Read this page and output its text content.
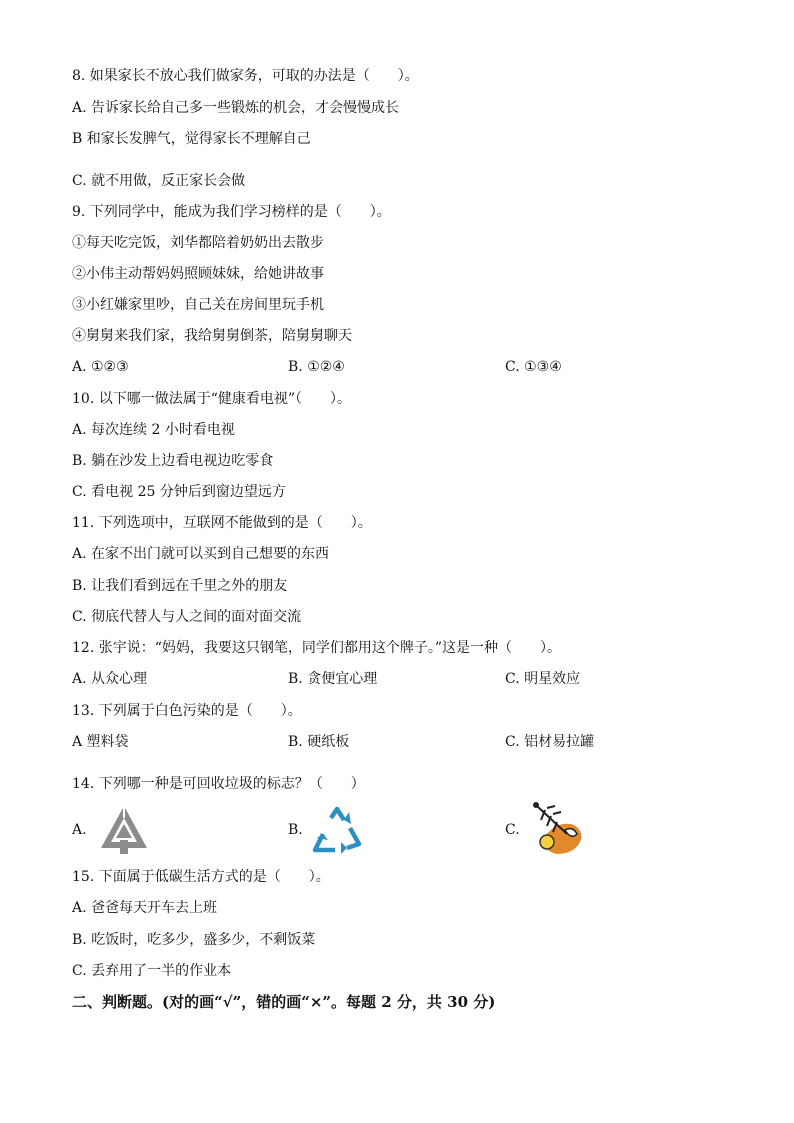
8. 如果家长不放心我们做家务，可取的办法是（　　）。
A. 告诉家长给自己多一些锻炼的机会，才会慢慢成长
B 和家长发脾气，觉得家长不理解自己
C. 就不用做，反正家长会做
9. 下列同学中，能成为我们学习榜样的是（　　）。
①每天吃完饭，刘华都陪着奶奶出去散步
②小伟主动帮妈妈照顾妹妹，给她讲故事
③小红嫌家里吵，自己关在房间里玩手机
④舅舅来我们家，我给舅舅倒茶，陪舅舅聊天
A. ①②③	B. ①②④	C. ①③④
10. 以下哪一做法属于“健康看电视”（　　）。
A. 每次连续 2 小时看电视
B. 躺在沙发上边看电视边吃零食
C. 看电视 25 分钟后到窗边望远方
11. 下列选项中，互联网不能做到的是（　　）。
A. 在家不出门就可以买到自己想要的东西
B. 让我们看到远在千里之外的朋友
C. 彻底代替人与人之间的面对面交流
12. 张宇说：“妈妈，我要这只钢笔，同学们都用这个牌子。”这是一种（　　）。
A. 从众心理	B. 贪便宜心理	C. 明星效应
13. 下列属于白色污染的是（　　）。
A 塑料袋	B. 硬纸板	C. 铝材易拉罐
14. 下列哪一种是可回收垃圾的标志？（　　）
A.	B.	C.
15. 下面属于低碳生活方式的是（　　）。
A. 爸爸每天开车去上班
B. 吃饭时，吃多少，盛多少，不剩饭菜
C. 丢弃用了一半的作业本
二、判断题。(对的画“√”，错的画“×”。每题 2 分，共 30 分)
